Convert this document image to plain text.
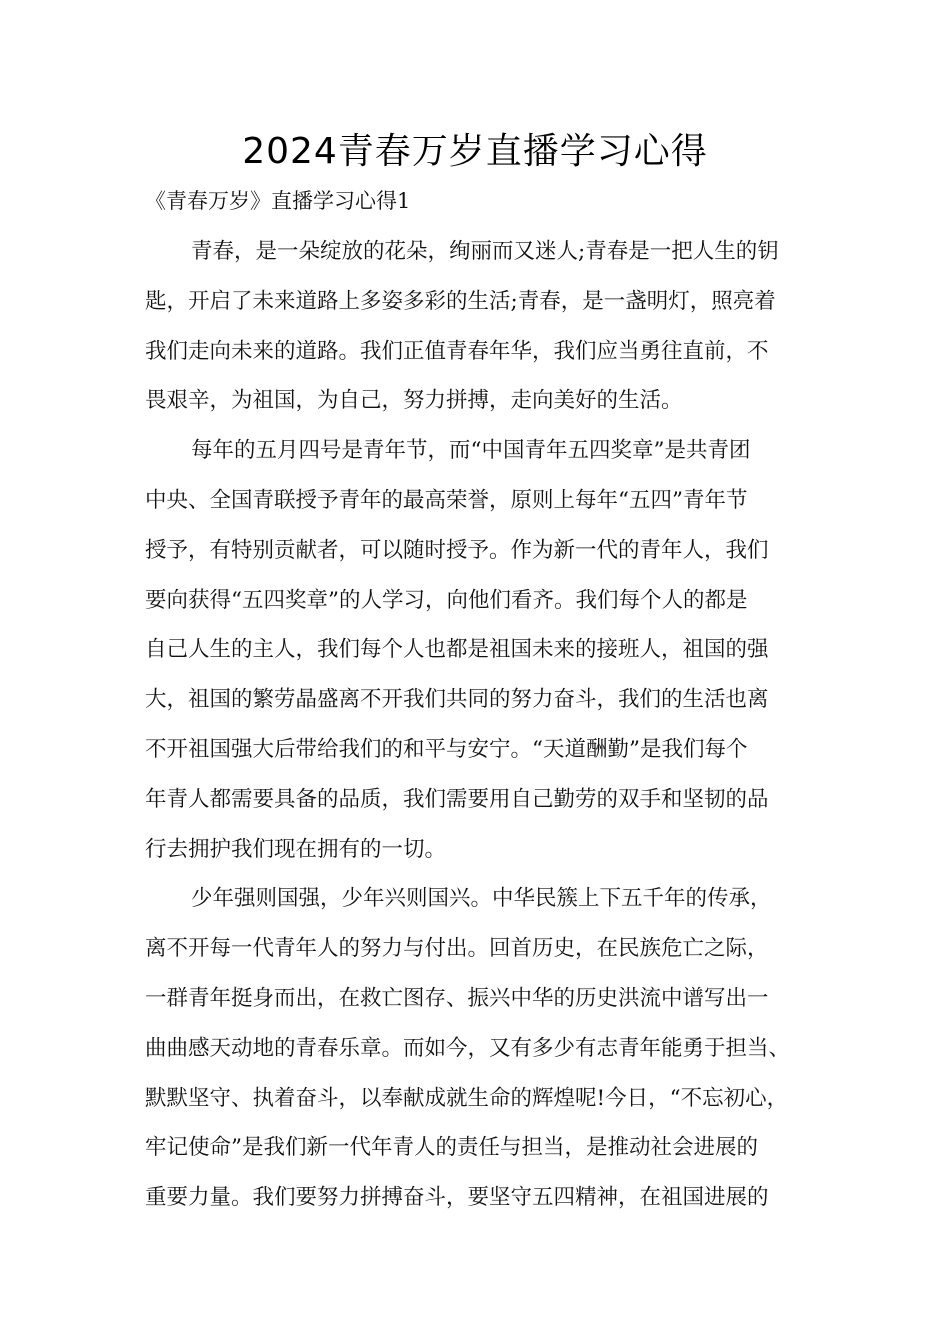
2024青春万岁直播学习心得
《青春万岁》直播学习心得1
青春，是一朵绽放的花朵，绚丽而又迷人;青春是一把人生的钥
匙，开启了未来道路上多姿多彩的生活;青春，是一盏明灯，照亮着
我们走向未来的道路。我们正值青春年华，我们应当勇往直前，不
畏艰辛，为祖国，为自己，努力拼搏，走向美好的生活。
每年的五月四号是青年节，而“中国青年五四奖章”是共青团
中央、全国青联授予青年的最高荣誉，原则上每年“五四”青年节
授予，有特别贡献者，可以随时授予。作为新一代的青年人，我们
要向获得“五四奖章”的人学习，向他们看齐。我们每个人的都是
自己人生的主人，我们每个人也都是祖国未来的接班人，祖国的强
大，祖国的繁劳晶盛离不开我们共同的努力奋斗，我们的生活也离
不开祖国强大后带给我们的和平与安宁。“天道酬勤”是我们每个
年青人都需要具备的品质，我们需要用自己勤劳的双手和坚韧的品
行去拥护我们现在拥有的一切。
少年强则国强，少年兴则国兴。中华民簇上下五千年的传承，
离不开每一代青年人的努力与付出。回首历史，在民族危亡之际，
一群青年挺身而出，在救亡图存、振兴中华的历史洪流中谱写出一
曲曲感天动地的青春乐章。而如今，又有多少有志青年能勇于担当、
默默坚守、执着奋斗，以奉献成就生命的辉煌呢!今日，“不忘初心，
牢记使命”是我们新一代年青人的责任与担当，是推动社会进展的
重要力量。我们要努力拼搏奋斗，要坚守五四精神，在祖国进展的
